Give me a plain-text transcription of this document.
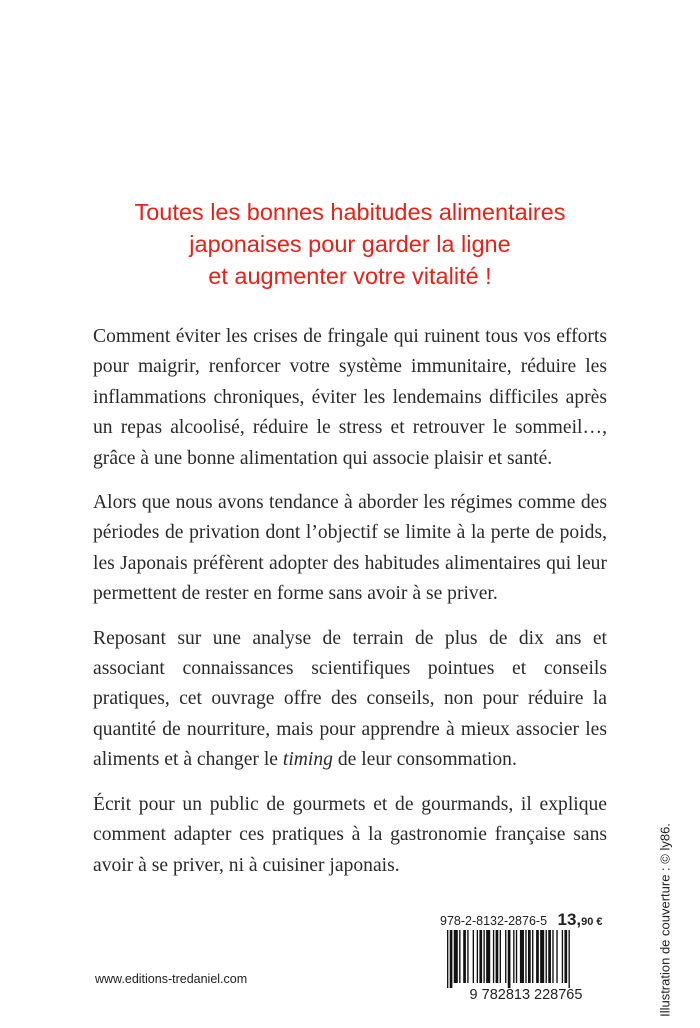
Toutes les bonnes habitudes alimentaires
japonaises pour garder la ligne
et augmenter votre vitalité !

Comment éviter les crises de fringale qui ruinent tous vos efforts pour maigrir, renforcer votre système immunitaire, réduire les inflammations chroniques, éviter les lendemains difficiles après un repas alcoolisé, réduire le stress et retrouver le sommeil…, grâce à une bonne alimentation qui associe plaisir et santé.

Alors que nous avons tendance à aborder les régimes comme des périodes de privation dont l’objectif se limite à la perte de poids, les Japonais préfèrent adopter des habitudes alimentaires qui leur permettent de rester en forme sans avoir à se priver.

Reposant sur une analyse de terrain de plus de dix ans et associant connaissances scientifiques pointues et conseils pratiques, cet ouvrage offre des conseils, non pour réduire la quantité de nourriture, mais pour apprendre à mieux associer les aliments et à changer le timing de leur consommation.

Écrit pour un public de gourmets et de gourmands, il explique comment adapter ces pratiques à la gastronomie française sans avoir à se priver, ni à cuisiner japonais.	Illustration de couverture : © ly86.
978-2-8132-2876-5 13,90 €
9 782813 228765
www.editions-tredaniel.com
